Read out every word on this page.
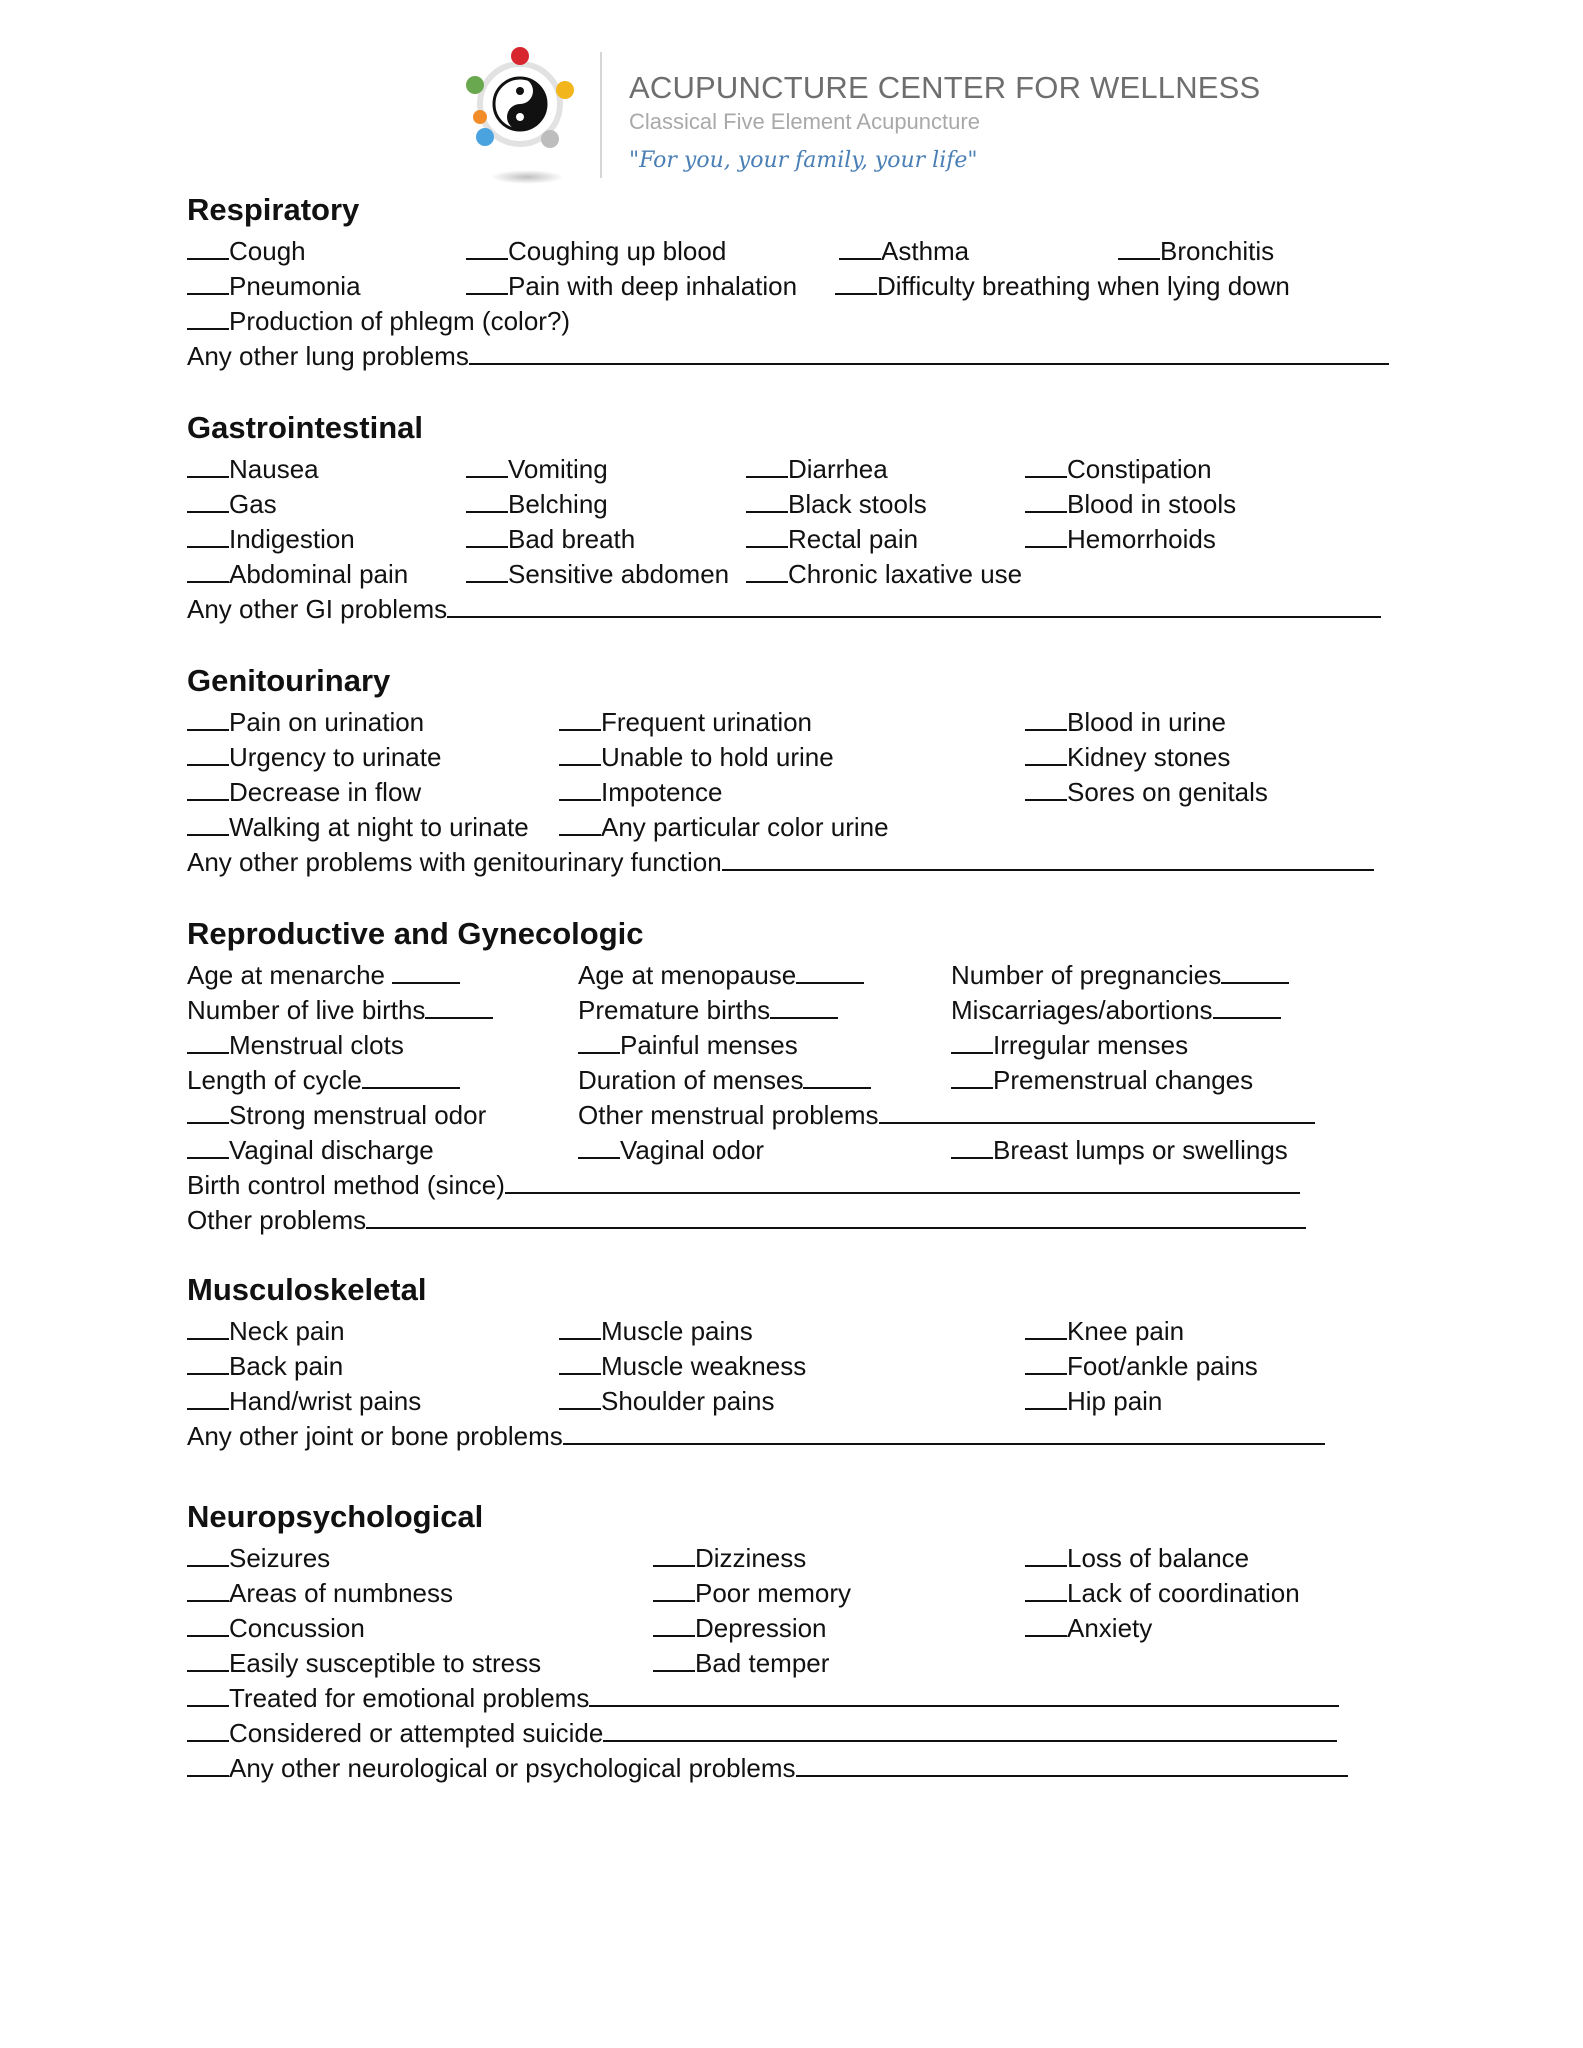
ACUPUNCTURE CENTER FOR WELLNESS
Classical Five Element Acupuncture
"For you, your family, your life"
Respiratory
Cough	Coughing up blood	Asthma	Bronchitis
Pneumonia	Pain with deep inhalation	Difficulty breathing when lying down
Production of phlegm (color?)
Any other lung problems
Gastrointestinal
Nausea	Vomiting	Diarrhea	Constipation
Gas	Belching	Black stools	Blood in stools
Indigestion	Bad breath	Rectal pain	Hemorrhoids
Abdominal pain	Sensitive abdomen	Chronic laxative use
Any other GI problems
Genitourinary
Pain on urination	Frequent urination	Blood in urine
Urgency to urinate	Unable to hold urine	Kidney stones
Decrease in flow	Impotence	Sores on genitals
Walking at night to urinate	Any particular color urine
Any other problems with genitourinary function
Reproductive and Gynecologic
Age at menarche	Age at menopause	Number of pregnancies
Number of live births	Premature births	Miscarriages/abortions
Menstrual clots	Painful menses	Irregular menses
Length of cycle	Duration of menses	Premenstrual changes
Strong menstrual odor	Other menstrual problems
Vaginal discharge	Vaginal odor	Breast lumps or swellings
Birth control method (since)
Other problems
Musculoskeletal
Neck pain	Muscle pains	Knee pain
Back pain	Muscle weakness	Foot/ankle pains
Hand/wrist pains	Shoulder pains	Hip pain
Any other joint or bone problems
Neuropsychological
Seizures	Dizziness	Loss of balance
Areas of numbness	Poor memory	Lack of coordination
Concussion	Depression	Anxiety
Easily susceptible to stress	Bad temper
Treated for emotional problems
Considered or attempted suicide
Any other neurological or psychological problems
